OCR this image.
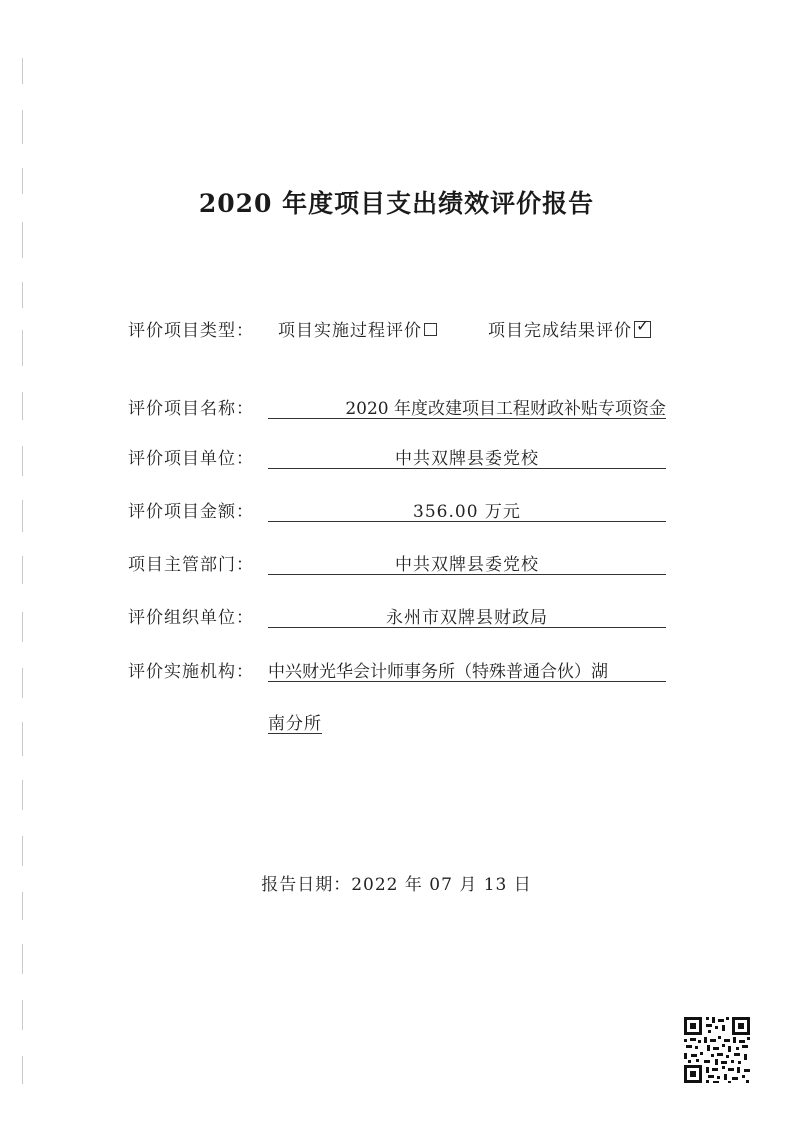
2020 年度项目支出绩效评价报告
评价项目类型： 项目实施过程评价	项目完成结果评价 ✓
评价项目名称：	2020 年度改建项目工程财政补贴专项资金
评价项目单位：	中共双牌县委党校
评价项目金额：	356.00 万元
项目主管部门：	中共双牌县委党校
评价组织单位：	永州市双牌县财政局
评价实施机构： 中兴财光华会计师事务所（特殊普通合伙）湖
南分所
报告日期：2022 年 07 月 13 日
